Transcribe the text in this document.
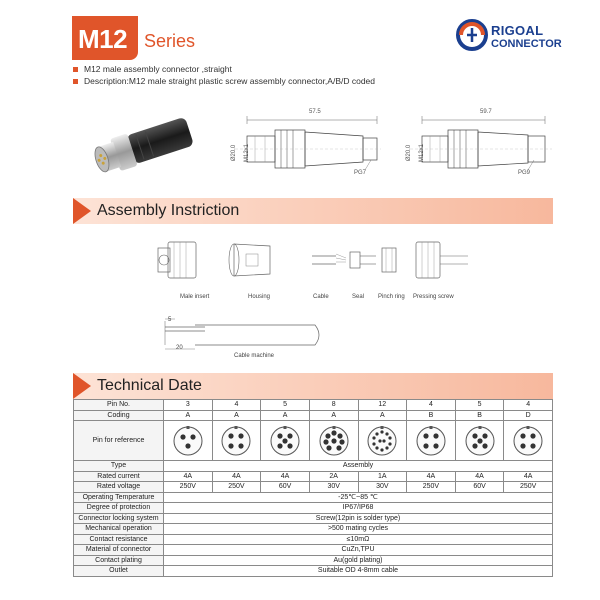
M12 Series
RIGOAL
CONNECTOR
M12 male assembly connector ,straight
Description:M12 male straight plastic screw assembly connector,A/B/D coded
57.5
Ø20.0 M12x1
PG7
59.7
Ø20.0 M12x1
PG9
Assembly Instriction
Male insert	Housing	Cable	Seal Pinch ring Pressing screw
5
20
Cable machine
Technical Date
Pin No.	3	4	5	8	12	4	5	4
Coding	A	A	A	A	A	B	B	D
Pin for reference	

Type	Assembly							
Rated current	4A	4A	4A	2A	1A	4A	4A	4A
Rated voltage	250V	250V	60V	30V	30V	250V	60V	250V
Operating Temperature	-25℃~85 ℃							
Degree of protection	IP67/IP68							
Connector locking system	Screw(12pin is solder type)							
Mechanical operation	>500 mating cycles							
Contact resistance	≤10mΩ							
Material of connector	CuZn,TPU							
Contact plating	Au(gold plating)							
Outlet	Suitable OD 4-8mm cable							
